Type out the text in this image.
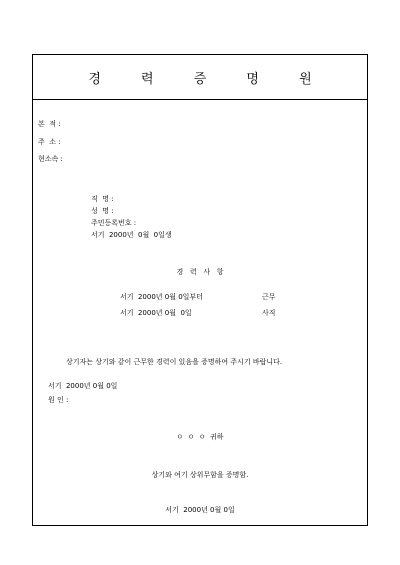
경 력 증 명 원
본  적 :
주  소 :
현소속 :
직  명 :
성  명 :
주민등록번호 :
서기  2000년  0월  0일생
경   력   사   항
서기  2000년 0월 0일부터	근무
서기  2000년 0월  0일	사직
상기자는 상기와 같이 근무한 경력이 있음을 증명하여 주시기 바랍니다.
서기  2000년 0월 0일
원 인 :
ㅇ  ㅇ  ㅇ  귀하
상기와 여기 상위무함을 증명함.
서기  2000년 0월 0일
